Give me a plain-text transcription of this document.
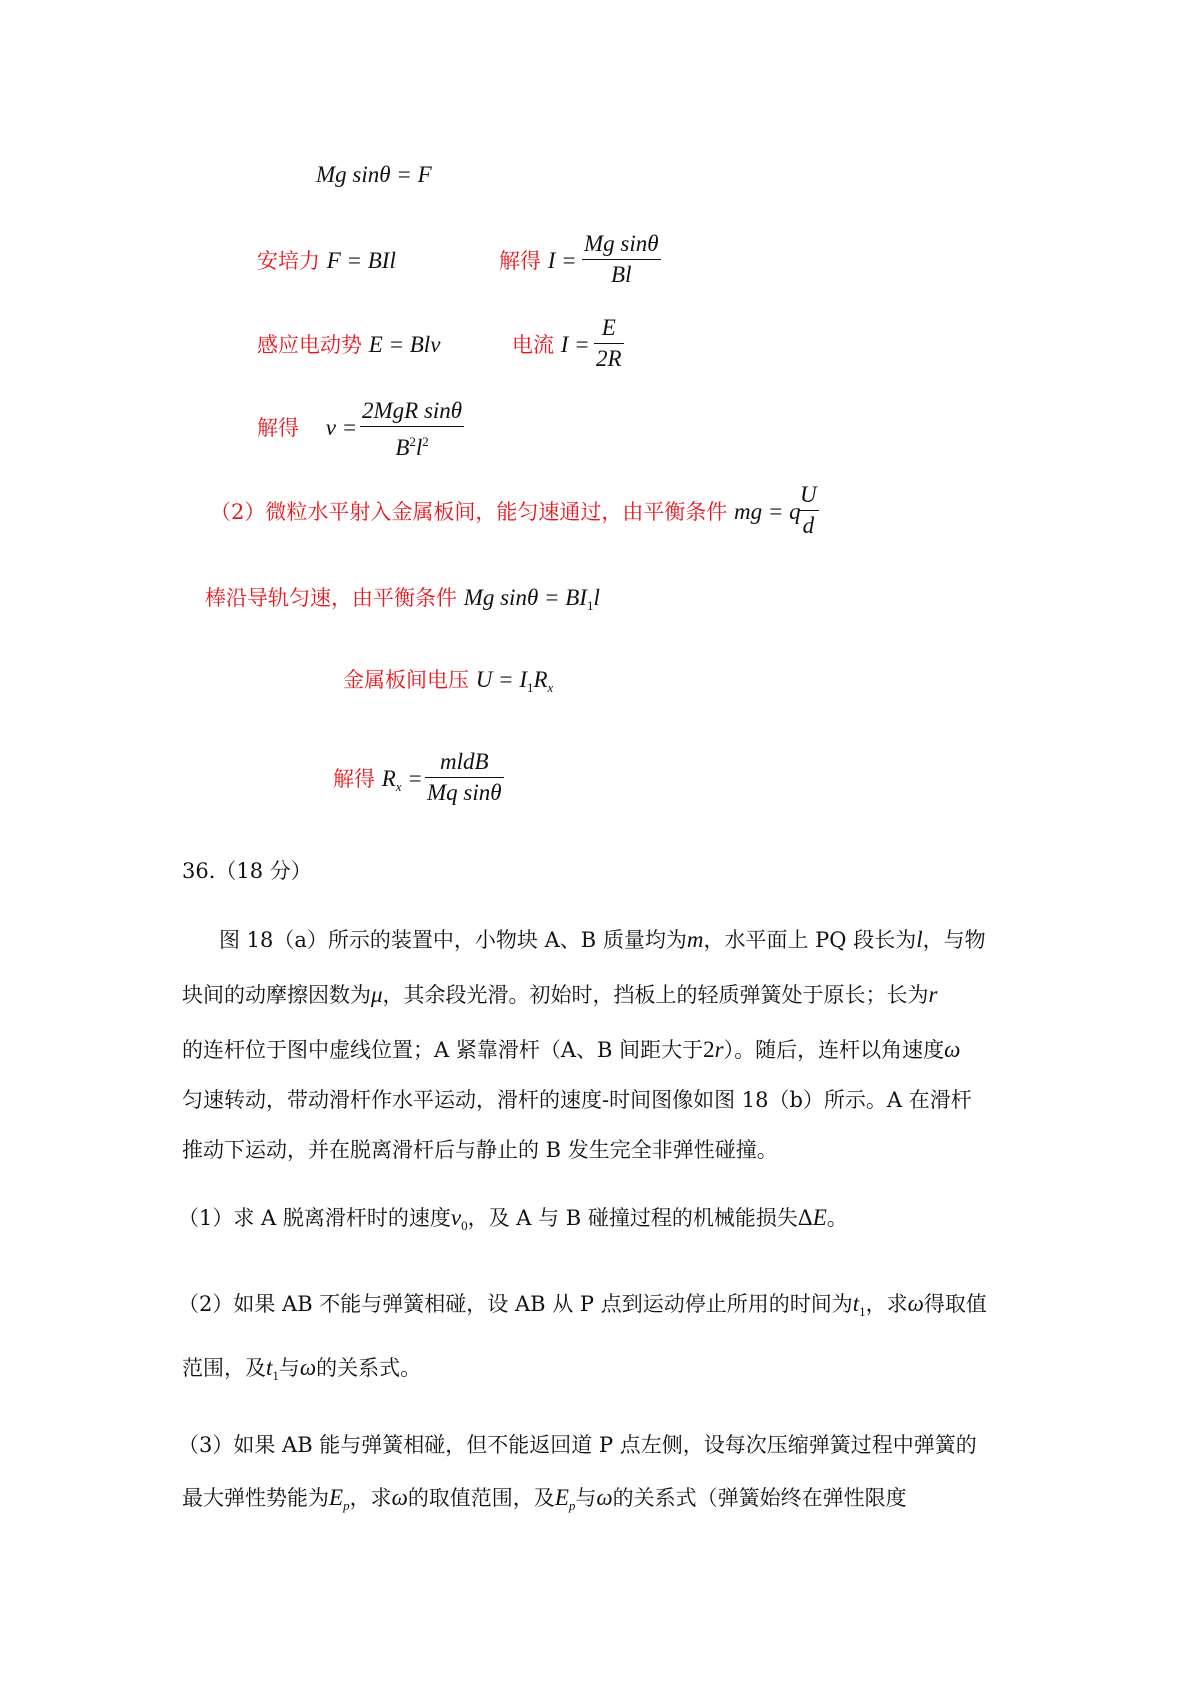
Mg sinθ = F
安培力 F = BIl	解得 I =
Mg sinθ
Bl
感应电动势 E = Blv	电流 I =
E
2R
解得 v =
2MgR sinθ
$B^2l^2$
（2）微粒水平射入金属板间，能匀速通过，由平衡条件 mg = q
U
d
棒沿导轨匀速，由平衡条件 Mg $\sin\theta = BI_1l$
金属板间电压 $U = I_1R_x$
解得 $R_x$ =
mldB
Mq sinθ
36.（18 分）
图 18（a）所示的装置中，小物块 A、B 质量均为m，水平面上 PQ 段长为l，与物
块间的动摩擦因数为μ，其余段光滑。初始时，挡板上的轻质弹簧处于原长；长为r
的连杆位于图中虚线位置；A 紧靠滑杆（A、B 间距大于2r）。随后，连杆以角速度ω
匀速转动，带动滑杆作水平运动，滑杆的速度-时间图像如图 18（b）所示。A 在滑杆
推动下运动，并在脱离滑杆后与静止的 B 发生完全非弹性碰撞。
（1）求 A 脱离滑杆时的速度$v_0$，及 A 与 B 碰撞过程的机械能损失ΔE。
（2）如果 AB 不能与弹簧相碰，设 AB 从 P 点到运动停止所用的时间为$t_1$，求ω得取值
范围，及$t_1$与ω的关系式。
（3）如果 AB 能与弹簧相碰，但不能返回道 P 点左侧，设每次压缩弹簧过程中弹簧的
最大弹性势能为$E_p$，求ω的取值范围，及$E_p$与ω的关系式（弹簧始终在弹性限度
